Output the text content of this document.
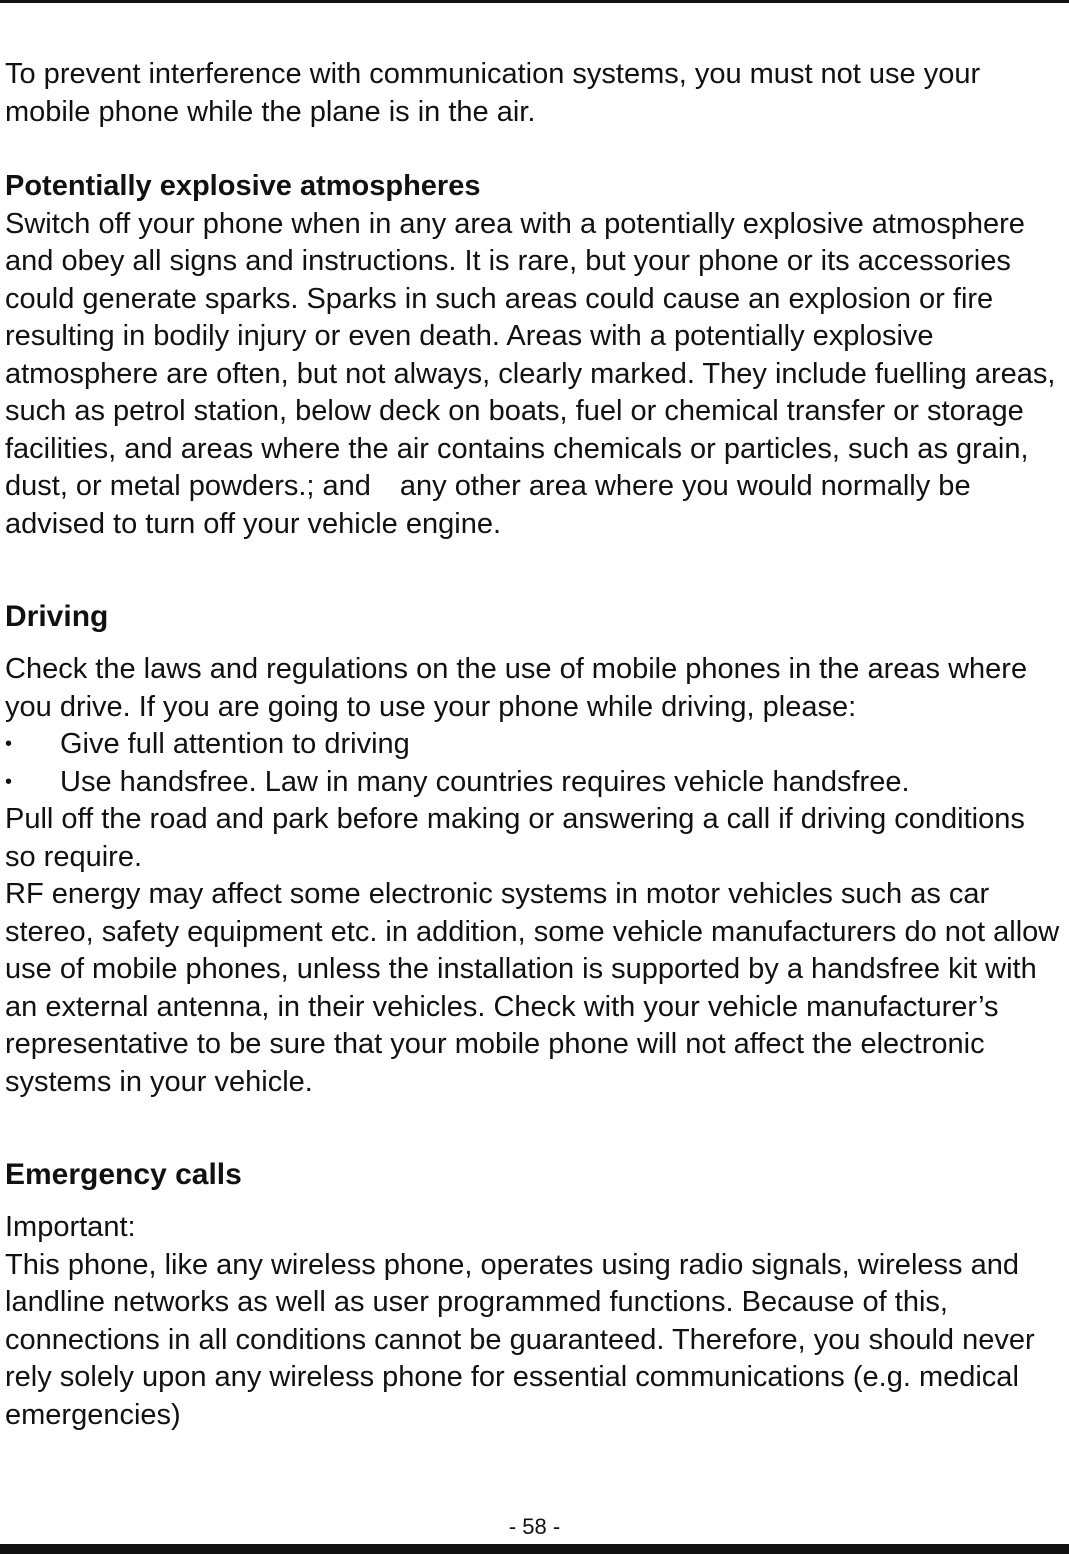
To prevent interference with communication systems, you must not use your mobile phone while the plane is in the air.

Potentially explosive atmospheres

Switch off your phone when in any area with a potentially explosive atmosphere and obey all signs and instructions. It is rare, but your phone or its accessories could generate sparks. Sparks in such areas could cause an explosion or fire resulting in bodily injury or even death. Areas with a potentially explosive atmosphere are often, but not always, clearly marked. They include fuelling areas, such as petrol station, below deck on boats, fuel or chemical transfer or storage facilities, and areas where the air contains chemicals or particles, such as grain, dust, or metal powders.; and　any other area where you would normally be advised to turn off your vehicle engine.

Driving

Check the laws and regulations on the use of mobile phones in the areas where you drive. If you are going to use your phone while driving, please:

• Give full attention to driving
• Use handsfree. Law in many countries requires vehicle handsfree.

Pull off the road and park before making or answering a call if driving conditions so require.

RF energy may affect some electronic systems in motor vehicles such as car stereo, safety equipment etc. in addition, some vehicle manufacturers do not allow use of mobile phones, unless the installation is supported by a handsfree kit with an external antenna, in their vehicles. Check with your vehicle manufacturer’s representative to be sure that your mobile phone will not affect the electronic systems in your vehicle.

Emergency calls

Important:

This phone, like any wireless phone, operates using radio signals, wireless and landline networks as well as user programmed functions. Because of this, connections in all conditions cannot be guaranteed. Therefore, you should never rely solely upon any wireless phone for essential communications (e.g. medical emergencies)

- 58 -
